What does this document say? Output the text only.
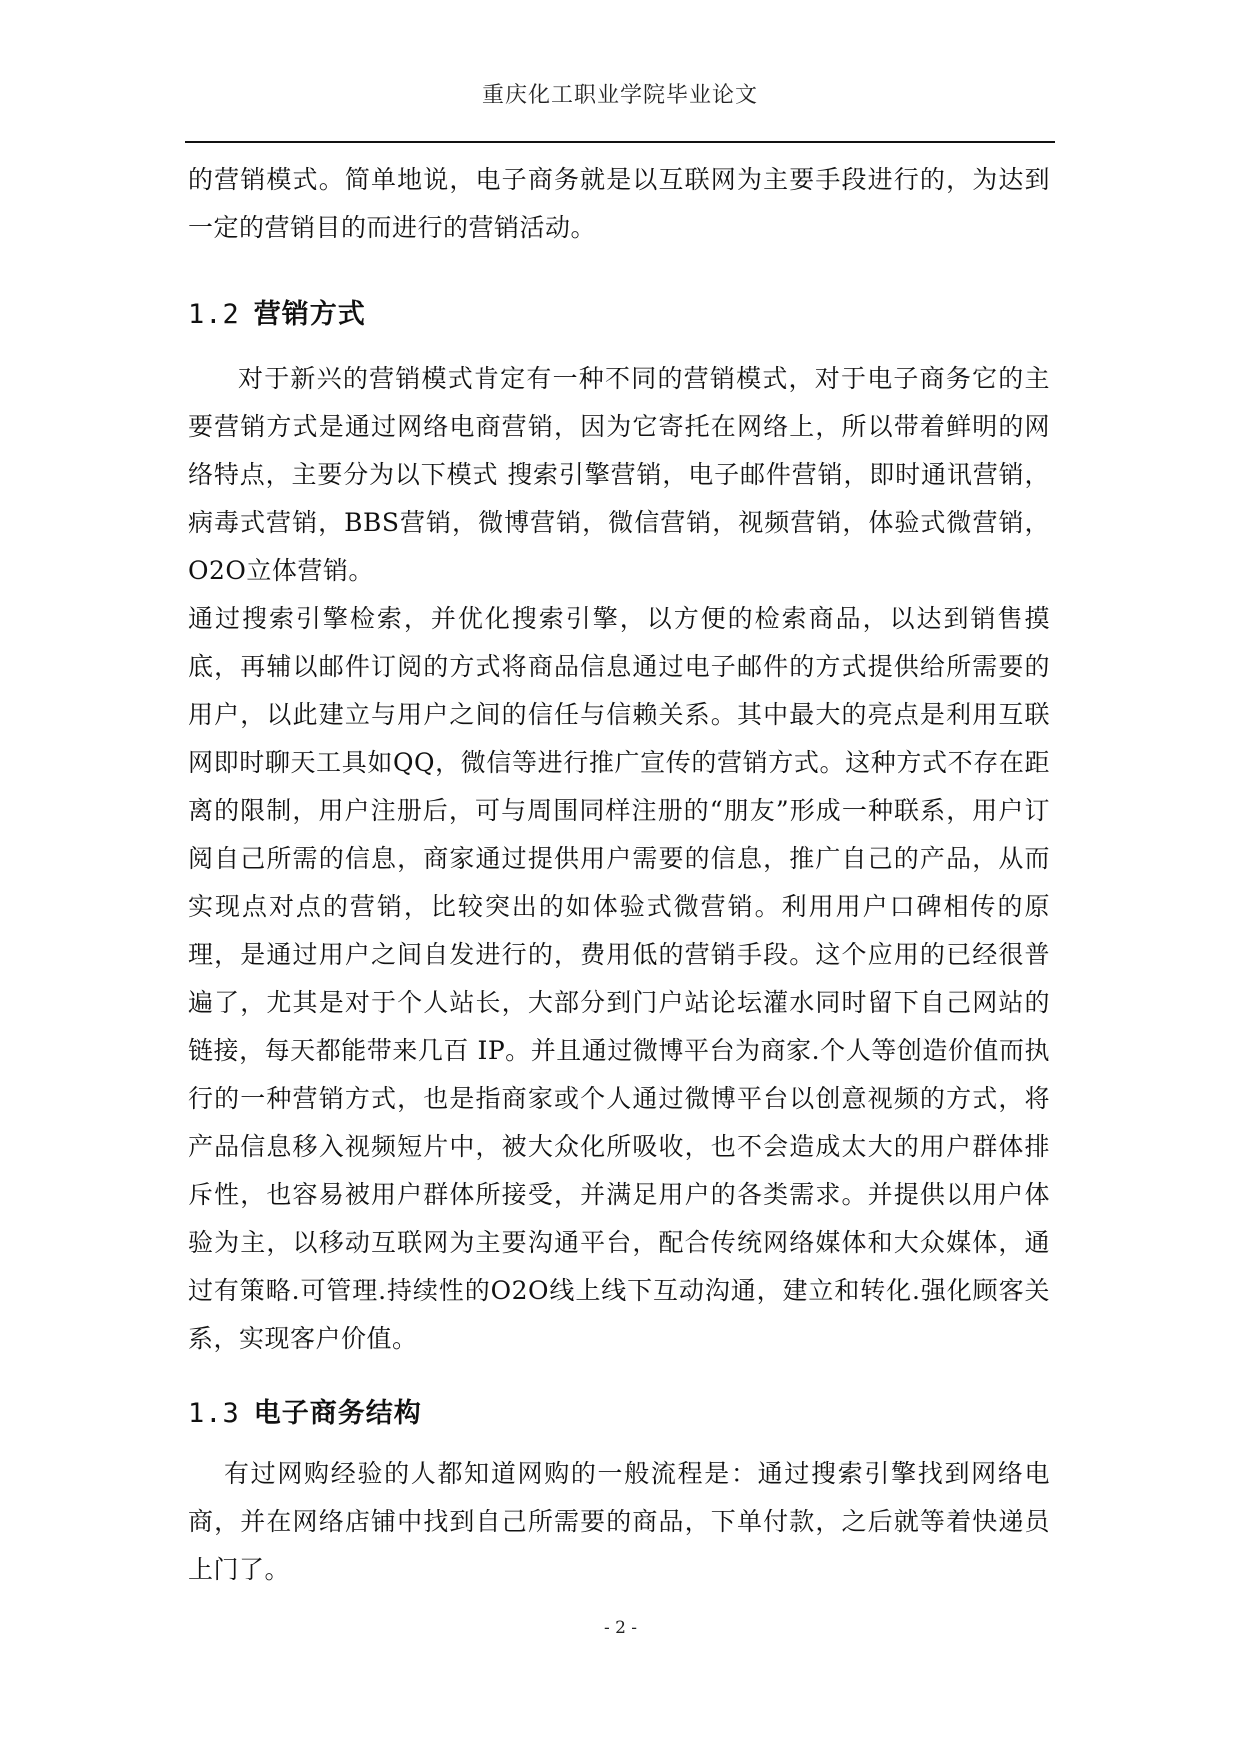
重庆化工职业学院毕业论文

的营销模式。简单地说，电子商务就是以互联网为主要手段进行的，为达到一定的营销目的而进行的营销活动。

1.2 营销方式

对于新兴的营销模式肯定有一种不同的营销模式，对于电子商务它的主要营销方式是通过网络电商营销，因为它寄托在网络上，所以带着鲜明的网络特点，主要分为以下模式 搜索引擎营销，电子邮件营销，即时通讯营销，病毒式营销，BBS营销，微博营销，微信营销，视频营销，体验式微营销，O2O立体营销。

通过搜索引擎检索，并优化搜索引擎，以方便的检索商品，以达到销售摸底，再辅以邮件订阅的方式将商品信息通过电子邮件的方式提供给所需要的用户，以此建立与用户之间的信任与信赖关系。其中最大的亮点是利用互联网即时聊天工具如QQ，微信等进行推广宣传的营销方式。这种方式不存在距离的限制，用户注册后，可与周围同样注册的“朋友”形成一种联系，用户订阅自己所需的信息，商家通过提供用户需要的信息，推广自己的产品，从而实现点对点的营销，比较突出的如体验式微营销。利用用户口碑相传的原理，是通过用户之间自发进行的，费用低的营销手段。这个应用的已经很普遍了，尤其是对于个人站长，大部分到门户站论坛灌水同时留下自己网站的链接，每天都能带来几百 IP。并且通过微博平台为商家.个人等创造价值而执行的一种营销方式，也是指商家或个人通过微博平台以创意视频的方式，将产品信息移入视频短片中，被大众化所吸收，也不会造成太大的用户群体排斥性，也容易被用户群体所接受，并满足用户的各类需求。并提供以用户体验为主，以移动互联网为主要沟通平台，配合传统网络媒体和大众媒体，通过有策略.可管理.持续性的O2O线上线下互动沟通，建立和转化.强化顾客关系，实现客户价值。

1.3 电子商务结构

有过网购经验的人都知道网购的一般流程是：通过搜索引擎找到网络电商，并在网络店铺中找到自己所需要的商品，下单付款，之后就等着快递员上门了。

- 2 -
